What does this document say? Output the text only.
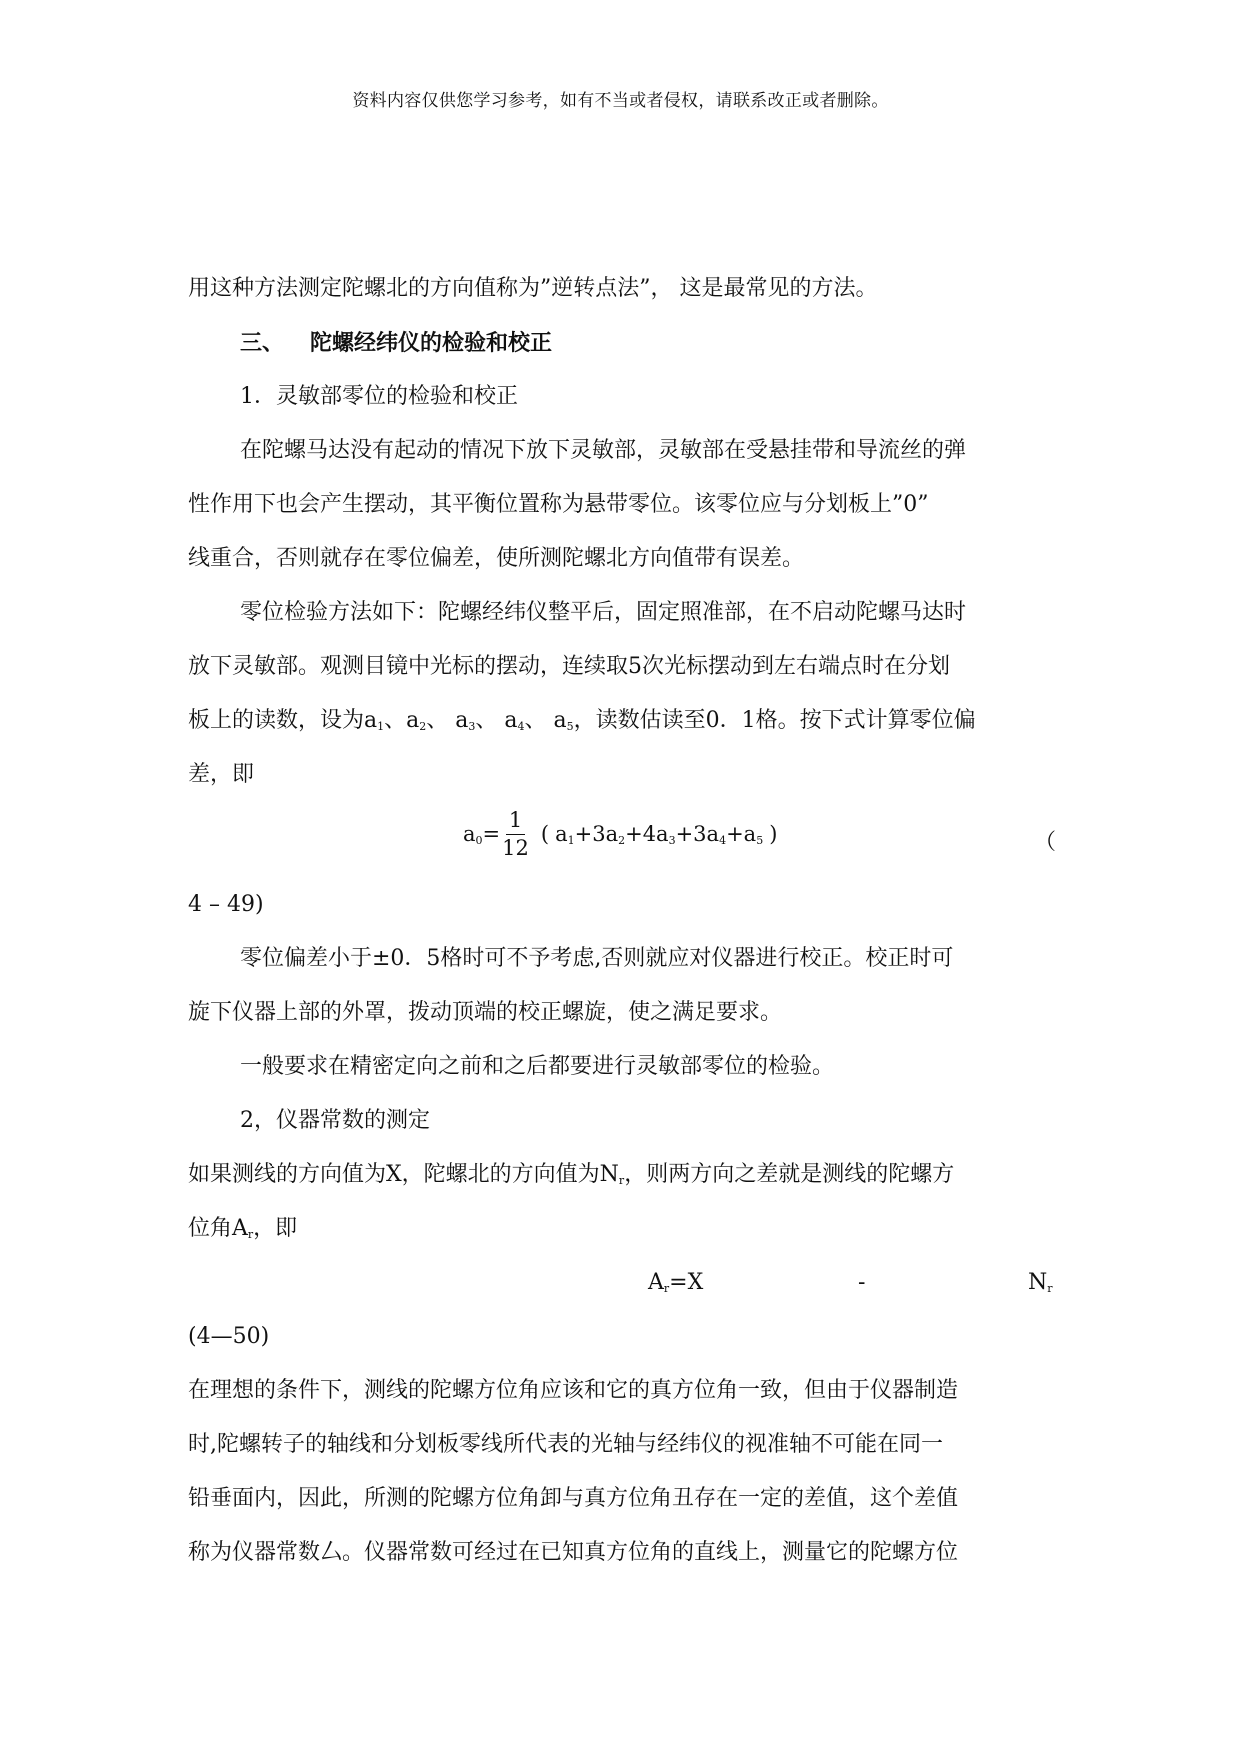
资料内容仅供您学习参考，如有不当或者侵权，请联系改正或者删除。
用这种方法测定陀螺北的方向值称为”逆转点法”， 这是最常见的方法。
三、 陀螺经纬仪的检验和校正
1．灵敏部零位的检验和校正
在陀螺马达没有起动的情况下放下灵敏部，灵敏部在受悬挂带和导流丝的弹
性作用下也会产生摆动，其平衡位置称为悬带零位。该零位应与分划板上”0”
线重合，否则就存在零位偏差，使所测陀螺北方向值带有误差。
零位检验方法如下：陀螺经纬仪整平后，固定照准部，在不启动陀螺马达时
放下灵敏部。观测目镜中光标的摆动，连续取5次光标摆动到左右端点时在分划
板上的读数，设为$a_1$、$a_2$、 $a_3$、 $a_4$、 $a_5$，读数估读至0．1格。按下式计算零位偏
差，即
$a_0= \frac{1}{12}$ ( $a_1+3a_2+4a_3+3a_4+a_5$ )	（
4 – 49)
零位偏差小于±0．5格时可不予考虑,否则就应对仪器进行校正。校正时可
旋下仪器上部的外罩，拨动顶端的校正螺旋，使之满足要求。
一般要求在精密定向之前和之后都要进行灵敏部零位的检验。
2，仪器常数的测定
如果测线的方向值为X，陀螺北的方向值为$N_r$，则两方向之差就是测线的陀螺方
位角$A_r$，即
$A_r=X$	-	$N_r$
(4—50)
在理想的条件下，测线的陀螺方位角应该和它的真方位角一致，但由于仪器制造
时,陀螺转子的轴线和分划板零线所代表的光轴与经纬仪的视准轴不可能在同一
铅垂面内，因此，所测的陀螺方位角卸与真方位角丑存在一定的差值，这个差值
称为仪器常数厶。仪器常数可经过在已知真方位角的直线上，测量它的陀螺方位
